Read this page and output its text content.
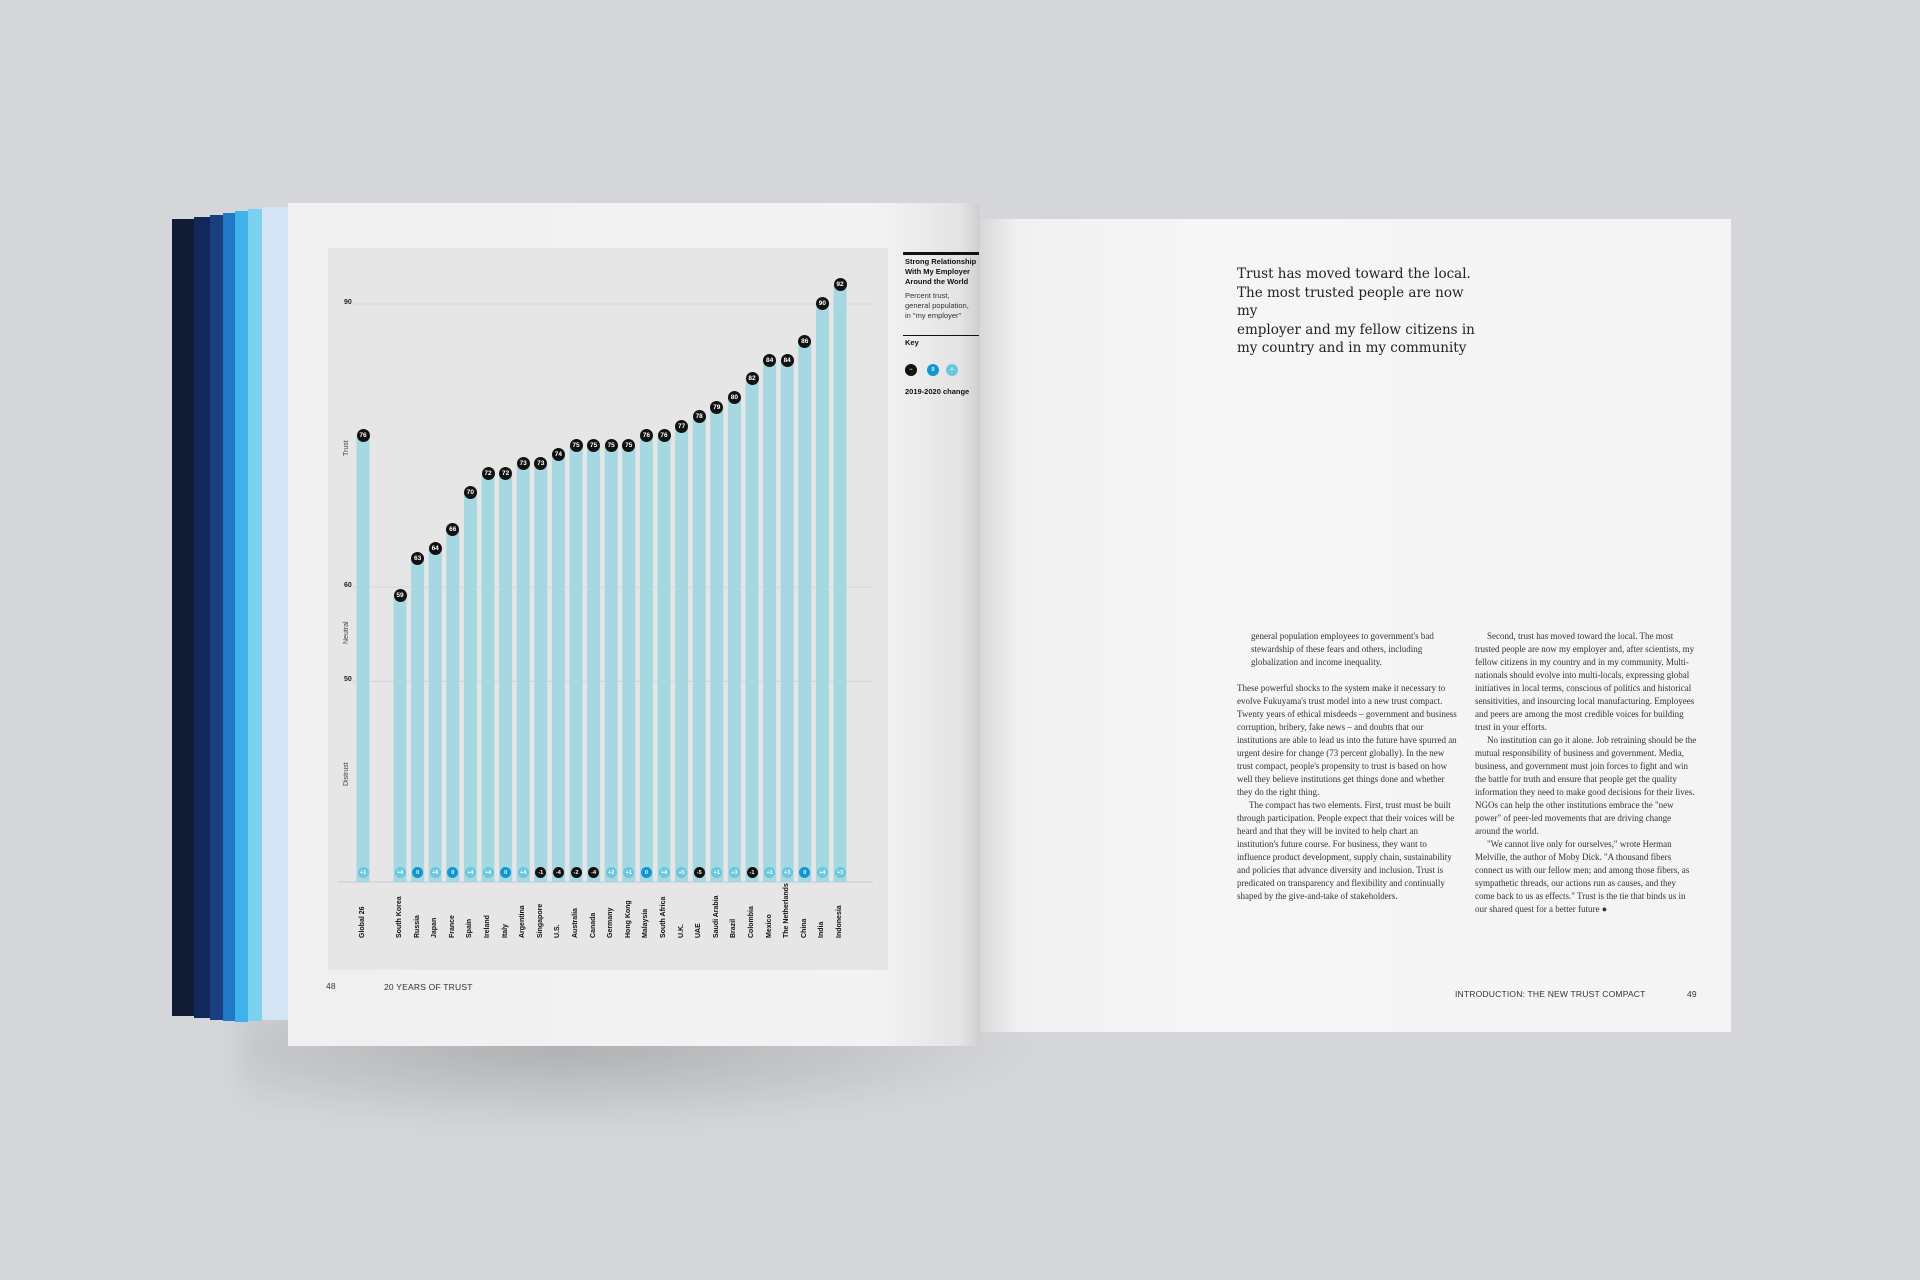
Strong Relationship
With My Employer
Around the World
Percent trust,
general population,
in "my employer"
Key
−	0	+
2019-2020 change
48	20 YEARS OF TRUST
Trust has moved toward the local.
The most trusted people are now my
employer and my fellow citizens in
my country and in my community

general population employees to government's bad stewardship of these fears and others, including globalization and income inequality.

These powerful shocks to the system make it necessary to evolve Fukuyama's trust model into a new trust compact. Twenty years of ethical misdeeds – government and business corruption, bribery, fake news – and doubts that our institutions are able to lead us into the future have spurred an urgent desire for change (73 percent globally). In the new trust compact, people's propensity to trust is based on how well they believe institutions get things done and whether they do the right thing.

The compact has two elements. First, trust must be built through participation. People expect that their voices will be heard and that they will be invited to help chart an institution's future course. For business, they want to influence product development, supply chain, sustainability and policies that advance diversity and inclusion. Trust is predicated on transparency and flexibility and continually shaped by the give-and-take of stakeholders.

Second, trust has moved toward the local. The most trusted people are now my employer and, after scientists, my fellow citizens in my country and in my community. Multi-nationals should evolve into multi-locals, expressing global initiatives in local terms, conscious of politics and historical sensitivities, and insourcing local manufacturing. Employees and peers are among the most credible voices for building trust in your efforts.

No institution can go it alone. Job retraining should be the mutual responsibility of business and government. Media, business, and government must join forces to fight and win the battle for truth and ensure that people get the quality information they need to make good decisions for their lives. NGOs can help the other institutions embrace the "new power" of peer-led movements that are driving change around the world.

"We cannot live only for ourselves," wrote Herman Melville, the author of Moby Dick. "A thousand fibers connect us with our fellow men; and among those fibers, as sympathetic threads, our actions run as causes, and they come back to us as effects." Trust is the tie that binds us in our shared quest for a better future ●

INTRODUCTION: THE NEW TRUST COMPACT	49
90
60
50
Trust
Neutral
Distrust
76
+1
Global 26
59
+4
South Korea
63
0
Russia
64
+6
Japan
66
0
France
70
+4
Spain
72
+4
Ireland
72
0
Italy
73
+4
Argentina
73
-1
Singapore
74
-4
U.S.
75
-2
Australia
75
-4
Canada
75
+2
Germany
75
+1
Hong Kong
76
0
Malaysia
76
+4
South Africa
77
+5
U.K.
78
-5
UAE
79
+1
Saudi Arabia
80
+3
Brazil
82
-1
Colombia
84
+1
Mexico
84
+3
The Netherlands
86
0
China
90
+4
India
92
+3
Indonesia
